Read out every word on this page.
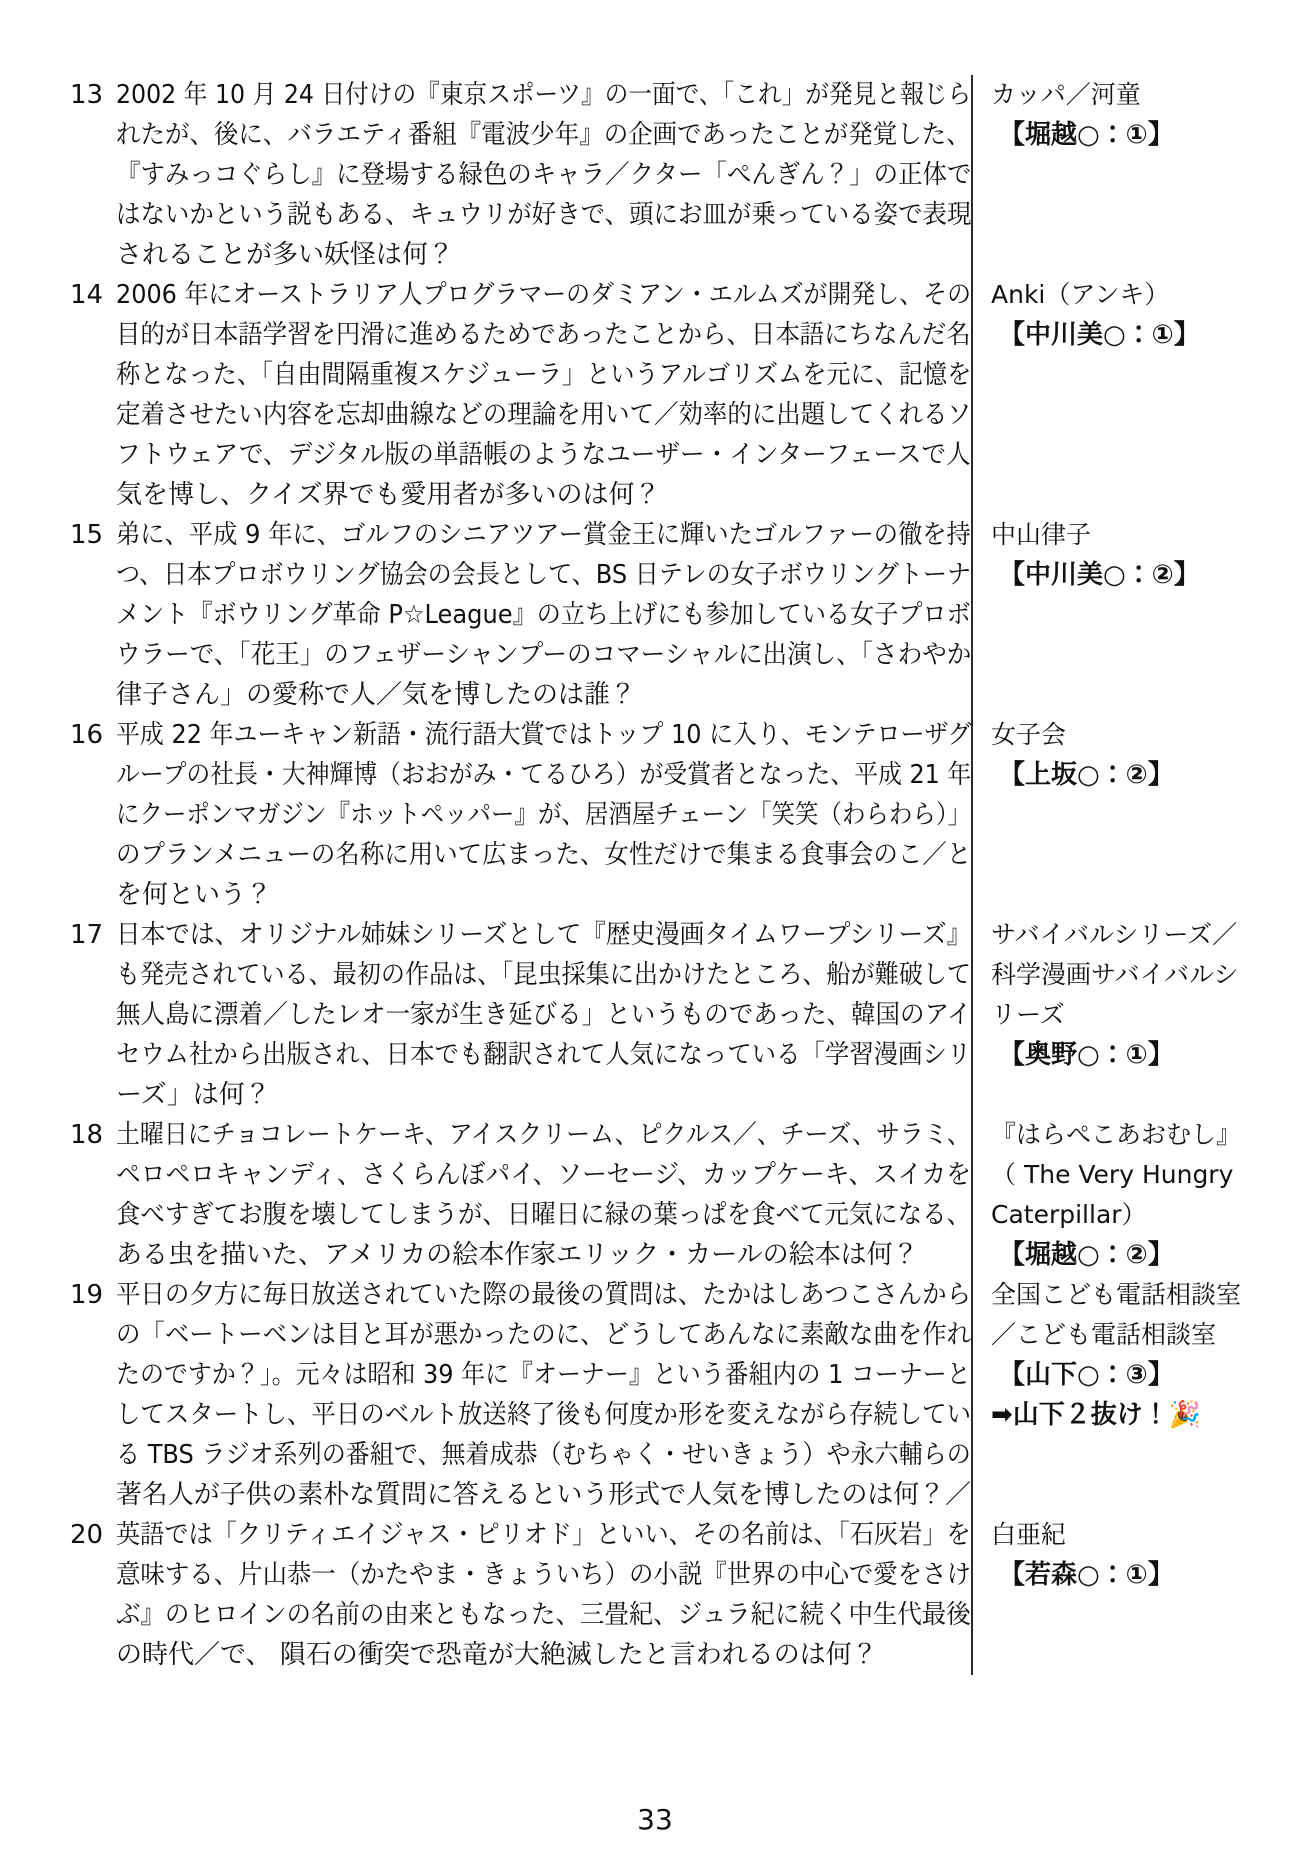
13 2002 年 10 月 24 日付けの『東京スポーツ』の一面で、「これ」が発見と報じら
れたが、後に、バラエティ番組『電波少年』の企画であったことが発覚した、
『すみっコぐらし』に登場する緑色のキャラ／クター「ぺんぎん？」の正体で
はないかという説もある、キュウリが好きで、頭にお皿が乗っている姿で表現
されることが多い妖怪は何？
カッパ／河童
【堀越○：①】
14 2006 年にオーストラリア人プログラマーのダミアン・エルムズが開発し、その
目的が日本語学習を円滑に進めるためであったことから、日本語にちなんだ名
称となった、「自由間隔重複スケジューラ」というアルゴリズムを元に、記憶を
定着させたい内容を忘却曲線などの理論を用いて／効率的に出題してくれるソ
フトウェアで、デジタル版の単語帳のようなユーザー・インターフェースで人
気を博し、クイズ界でも愛用者が多いのは何？
Anki（アンキ）
【中川美○：①】
15 弟に、平成 9 年に、ゴルフのシニアツアー賞金王に輝いたゴルファーの徹を持
つ、日本プロボウリング協会の会長として、BS 日テレの女子ボウリングトーナ
メント『ボウリング革命 P☆League』の立ち上げにも参加している女子プロボ
ウラーで、「花王」のフェザーシャンプーのコマーシャルに出演し、「さわやか
律子さん」の愛称で人／気を博したのは誰？
中山律子
【中川美○：②】
16 平成 22 年ユーキャン新語・流行語大賞ではトップ 10 に入り、モンテローザグ
ループの社長・大神輝博（おおがみ・てるひろ）が受賞者となった、平成 21 年
にクーポンマガジン『ホットペッパー』が、居酒屋チェーン「笑笑（わらわら）」
のプランメニューの名称に用いて広まった、女性だけで集まる食事会のこ／と
を何という？
女子会
【上坂○：②】
17 日本では、オリジナル姉妹シリーズとして『歴史漫画タイムワープシリーズ』
も発売されている、最初の作品は、「昆虫採集に出かけたところ、船が難破して
無人島に漂着／したレオ一家が生き延びる」というものであった、韓国のアイ
セウム社から出版され、日本でも翻訳されて人気になっている「学習漫画シリ
ーズ」は何？
サバイバルシリーズ／
科学漫画サバイバルシ
リーズ
【奥野○：①】
18 土曜日にチョコレートケーキ、アイスクリーム、ピクルス／、チーズ、サラミ、
ペロペロキャンディ、さくらんぼパイ、ソーセージ、カップケーキ、スイカを
食べすぎてお腹を壊してしまうが、日曜日に緑の葉っぱを食べて元気になる、
ある虫を描いた、アメリカの絵本作家エリック・カールの絵本は何？
『はらぺこあおむし』
（ The Very Hungry
Caterpillar）
【堀越○：②】
19 平日の夕方に毎日放送されていた際の最後の質問は、たかはしあつこさんから
の「ベートーベンは目と耳が悪かったのに、どうしてあんなに素敵な曲を作れ
たのですか？」。元々は昭和 39 年に『オーナー』という番組内の 1 コーナーと
してスタートし、平日のベルト放送終了後も何度か形を変えながら存続してい
る TBS ラジオ系列の番組で、無着成恭（むちゃく・せいきょう）や永六輔らの
著名人が子供の素朴な質問に答えるという形式で人気を博したのは何？／
全国こども電話相談室
／こども電話相談室
【山下○：③】
➡山下２抜け！🎉
20 英語では「クリティエイジャス・ピリオド」といい、その名前は、「石灰岩」を
意味する、片山恭一（かたやま・きょういち）の小説『世界の中心で愛をさけ
ぶ』のヒロインの名前の由来ともなった、三畳紀、ジュラ紀に続く中生代最後
の時代／で、 隕石の衝突で恐竜が大絶滅したと言われるのは何？
白亜紀
【若森○：①】
33
